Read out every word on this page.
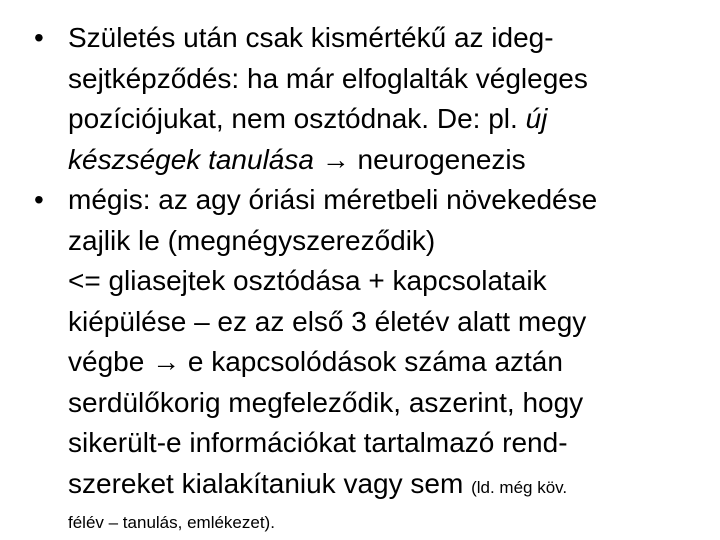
• Születés után csak kismértékű az ideg-
sejtképződés: ha már elfoglalták végleges
pozíciójukat, nem osztódnak. De: pl. új
készségek tanulása → neurogenezis
• mégis: az agy óriási méretbeli növekedése
zajlik le (megnégyszereződik)
<= gliasejtek osztódása + kapcsolataik
kiépülése – ez az első 3 életév alatt megy
végbe → e kapcsolódások száma aztán
serdülőkorig megfeleződik, aszerint, hogy
sikerült-e információkat tartalmazó rend-
szereket kialakítaniuk vagy sem (ld. még köv.
félév – tanulás, emlékezet).
